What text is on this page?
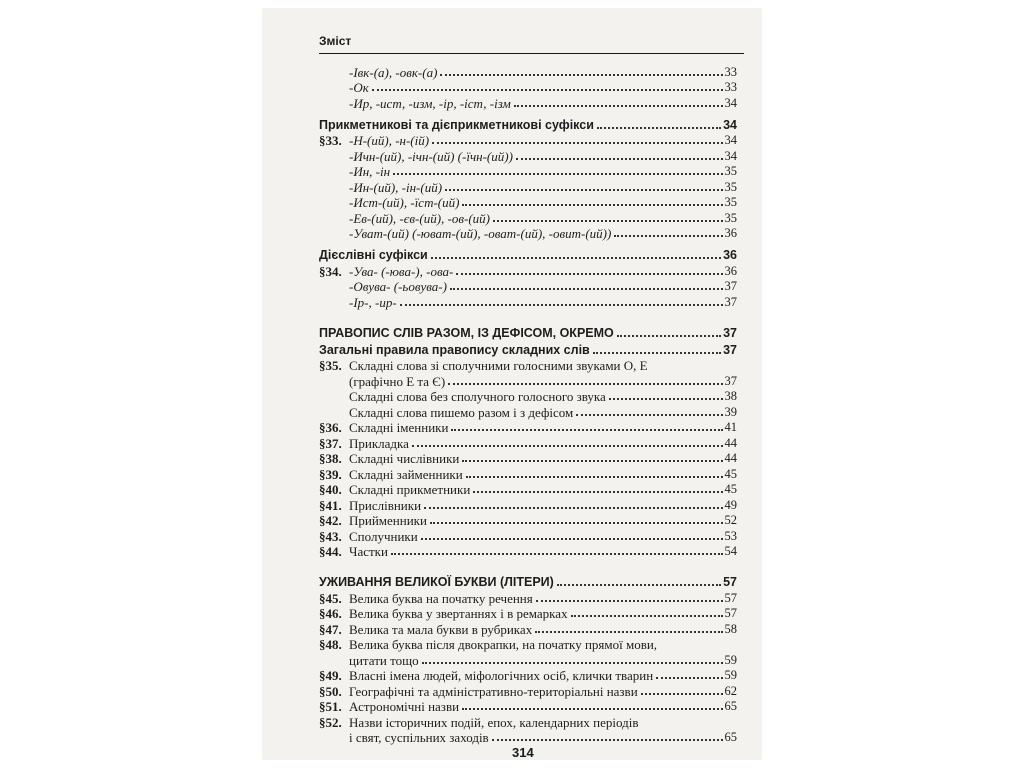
Зміст
-Івк-(а), -овк-(а)	33
-Ок	33
-Ир, -ист, -изм, -ір, -іст, -ізм	34
Прикметникові та дієприкметникові суфікси	34
§33. -Н-(ий), -н-(ій)	34
-Ичн-(ий), -ічн-(ий) (-їчн-(ий))	34
-Ин, -ін	35
-Ин-(ий), -ін-(ий)	35
-Ист-(ий), -їст-(ий)	35
-Ев-(ий), -єв-(ий), -ов-(ий)	35
-Уват-(ий) (-юват-(ий), -оват-(ий), -овит-(ий))	36
Дієслівні суфікси	36
§34. -Ува- (-юва-), -ова-	36
-Овува- (-ьовува-)	37
-Ір-, -ир-	37
ПРАВОПИС СЛІВ РАЗОМ, ІЗ ДЕФІСОМ, ОКРЕМО	37
Загальні правила правопису складних слів	37
§35. Складні слова зі сполучними голосними звуками О, Е
(графічно Е та Є)	37
Складні слова без сполучного голосного звука	38
Складні слова пишемо разом і з дефісом	39
§36. Складні іменники	41
§37. Прикладка	44
§38. Складні числівники	44
§39. Складні займенники	45
§40. Складні прикметники	45
§41. Прислівники	49
§42. Прийменники	52
§43. Сполучники	53
§44. Частки	54
УЖИВАННЯ ВЕЛИКОЇ БУКВИ (ЛІТЕРИ)	57
§45. Велика буква на початку речення	57
§46. Велика буква у звертаннях і в ремарках	57
§47. Велика та мала букви в рубриках	58
§48. Велика буква після двокрапки, на початку прямої мови,
цитати тощо	59
§49. Власні імена людей, міфологічних осіб, клички тварин	59
§50. Географічні та адміністративно-територіальні назви	62
§51. Астрономічні назви	65
§52. Назви історичних подій, епох, календарних періодів
і свят, суспільних заходів	65
314
